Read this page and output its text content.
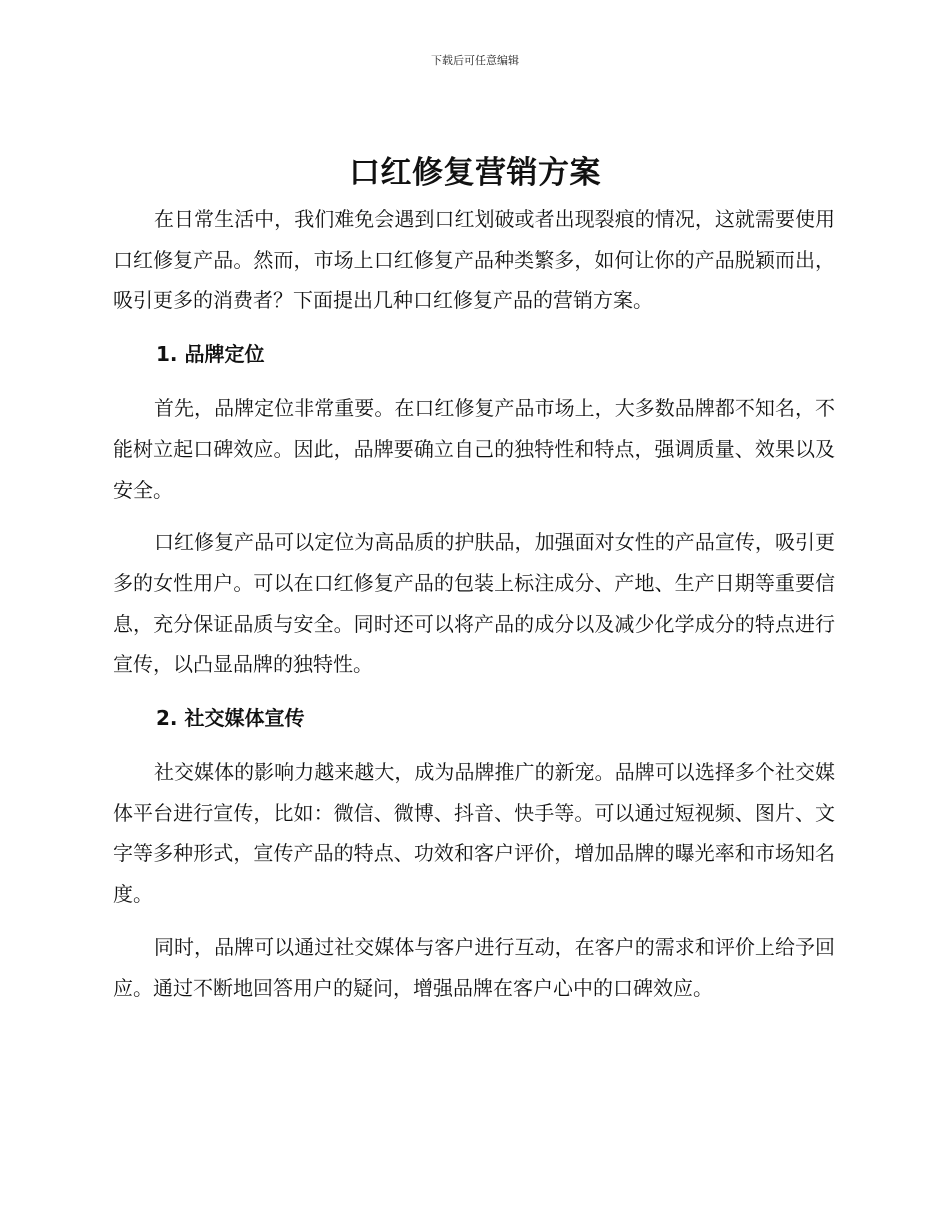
下载后可任意编辑
口红修复营销方案

在日常生活中，我们难免会遇到口红划破或者出现裂痕的情况，这就需要使用口红修复产品。然而，市场上口红修复产品种类繁多，如何让你的产品脱颖而出，吸引更多的消费者？下面提出几种口红修复产品的营销方案。

1. 品牌定位

首先，品牌定位非常重要。在口红修复产品市场上，大多数品牌都不知名，不能树立起口碑效应。因此，品牌要确立自己的独特性和特点，强调质量、效果以及安全。

口红修复产品可以定位为高品质的护肤品，加强面对女性的产品宣传，吸引更多的女性用户。可以在口红修复产品的包装上标注成分、产地、生产日期等重要信息，充分保证品质与安全。同时还可以将产品的成分以及减少化学成分的特点进行宣传，以凸显品牌的独特性。

2. 社交媒体宣传

社交媒体的影响力越来越大，成为品牌推广的新宠。品牌可以选择多个社交媒体平台进行宣传，比如：微信、微博、抖音、快手等。可以通过短视频、图片、文字等多种形式，宣传产品的特点、功效和客户评价，增加品牌的曝光率和市场知名度。

同时，品牌可以通过社交媒体与客户进行互动，在客户的需求和评价上给予回应。通过不断地回答用户的疑问，增强品牌在客户心中的口碑效应。
